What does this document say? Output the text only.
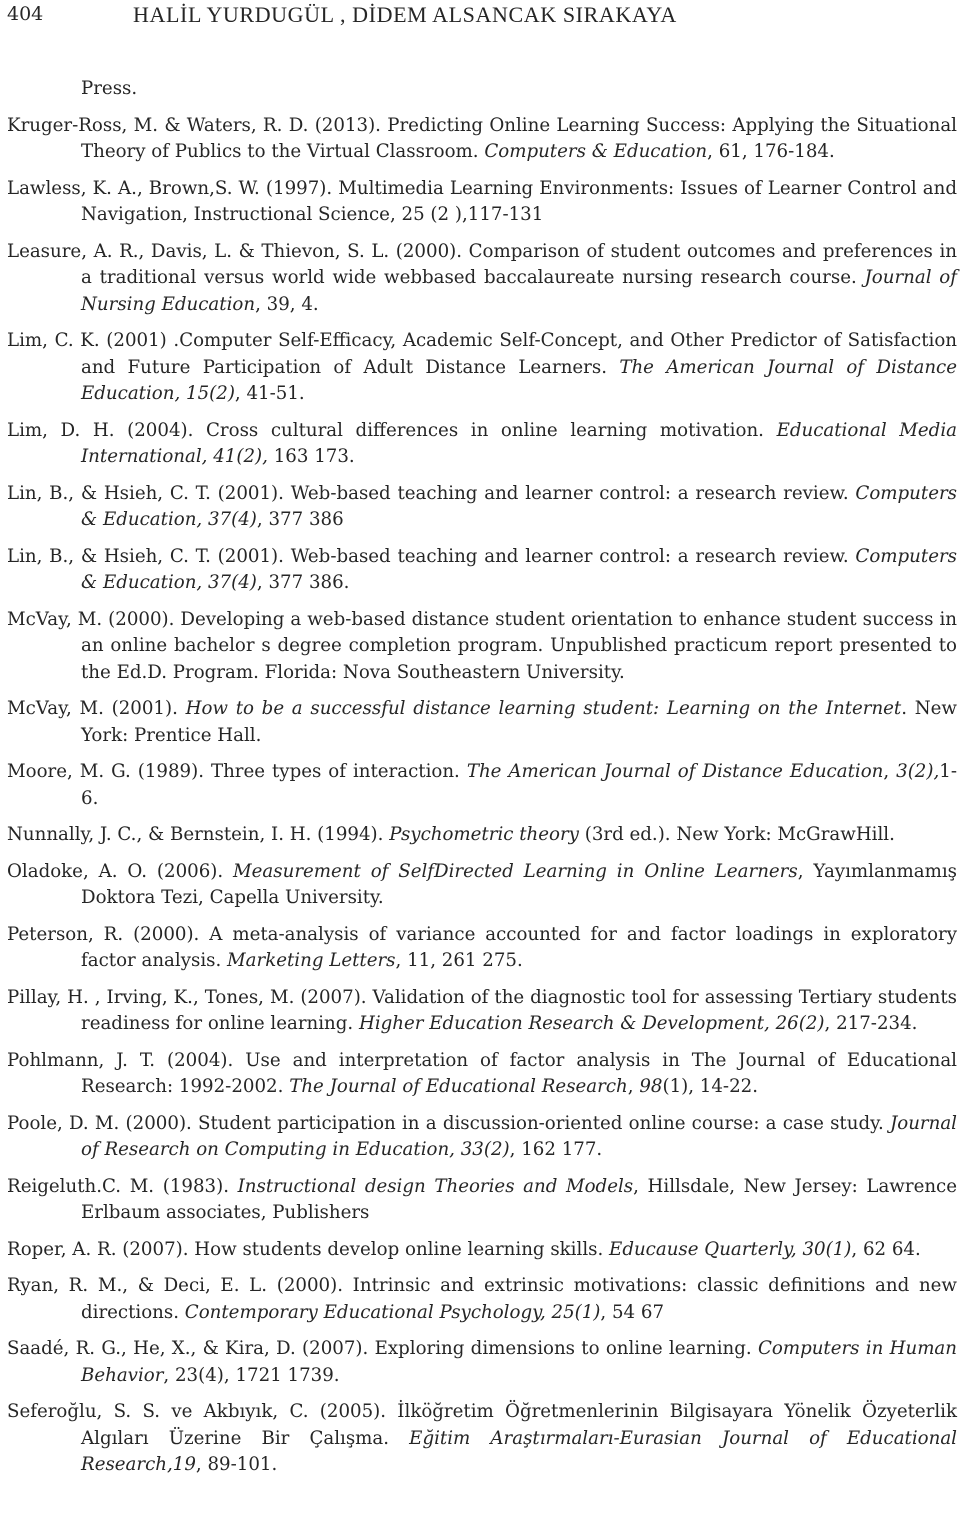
404	HALİL YURDUGÜL , DİDEM ALSANCAK SIRAKAYA
Press.
Kruger-Ross, M. & Waters, R. D. (2013). Predicting Online Learning Success: Applying the Situational Theory of Publics to the Virtual Classroom. Computers & Education, 61, 176-184.
Lawless, K. A., Brown,S. W. (1997). Multimedia Learning Environments: Issues of Learner Control and Navigation, Instructional Science, 25 (2 ),117-131
Leasure, A. R., Davis, L. & Thievon, S. L. (2000). Comparison of student outcomes and preferences in a traditional versus world wide webbased baccalaureate nursing research course. Journal of Nursing Education, 39, 4.
Lim, C. K. (2001) .Computer Self-Efficacy, Academic Self-Concept, and Other Predictor of Satisfaction and Future Participation of Adult Distance Learners. The American Journal of Distance Education, 15(2), 41-51.
Lim, D. H. (2004). Cross cultural differences in online learning motivation. Educational Media International, 41(2), 163 173.
Lin, B., & Hsieh, C. T. (2001). Web-based teaching and learner control: a research review. Computers & Education, 37(4), 377 386
Lin, B., & Hsieh, C. T. (2001). Web-based teaching and learner control: a research review. Computers & Education, 37(4), 377 386.
McVay, M. (2000). Developing a web-based distance student orientation to enhance student success in an online bachelor s degree completion program. Unpublished practicum report presented to the Ed.D. Program. Florida: Nova Southeastern University.
McVay, M. (2001). How to be a successful distance learning student: Learning on the Internet. New York: Prentice Hall.
Moore, M. G. (1989). Three types of interaction. The American Journal of Distance Education, 3(2),1-6.
Nunnally, J. C., & Bernstein, I. H. (1994). Psychometric theory (3rd ed.). New York: McGrawHill.
Oladoke, A. O. (2006). Measurement of SelfDirected Learning in Online Learners, Yayımlanmamış Doktora Tezi, Capella University.
Peterson, R. (2000). A meta-analysis of variance accounted for and factor loadings in exploratory factor analysis. Marketing Letters, 11, 261 275.
Pillay, H. , Irving, K., Tones, M. (2007). Validation of the diagnostic tool for assessing Tertiary students readiness for online learning. Higher Education Research & Development, 26(2), 217-234.
Pohlmann, J. T. (2004). Use and interpretation of factor analysis in The Journal of Educational Research: 1992-2002. The Journal of Educational Research, 98(1), 14-22.
Poole, D. M. (2000). Student participation in a discussion-oriented online course: a case study. Journal of Research on Computing in Education, 33(2), 162 177.
Reigeluth.C. M. (1983). Instructional design Theories and Models, Hillsdale, New Jersey: Lawrence Erlbaum associates, Publishers
Roper, A. R. (2007). How students develop online learning skills. Educause Quarterly, 30(1), 62 64.
Ryan, R. M., & Deci, E. L. (2000). Intrinsic and extrinsic motivations: classic definitions and new directions. Contemporary Educational Psychology, 25(1), 54 67
Saadé, R. G., He, X., & Kira, D. (2007). Exploring dimensions to online learning. Computers in Human Behavior, 23(4), 1721 1739.
Seferoğlu, S. S. ve Akbıyık, C. (2005). İlköğretim Öğretmenlerinin Bilgisayara Yönelik Özyeterlik Algıları Üzerine Bir Çalışma. Eğitim Araştırmaları-Eurasian Journal of Educational Research,19, 89-101.
